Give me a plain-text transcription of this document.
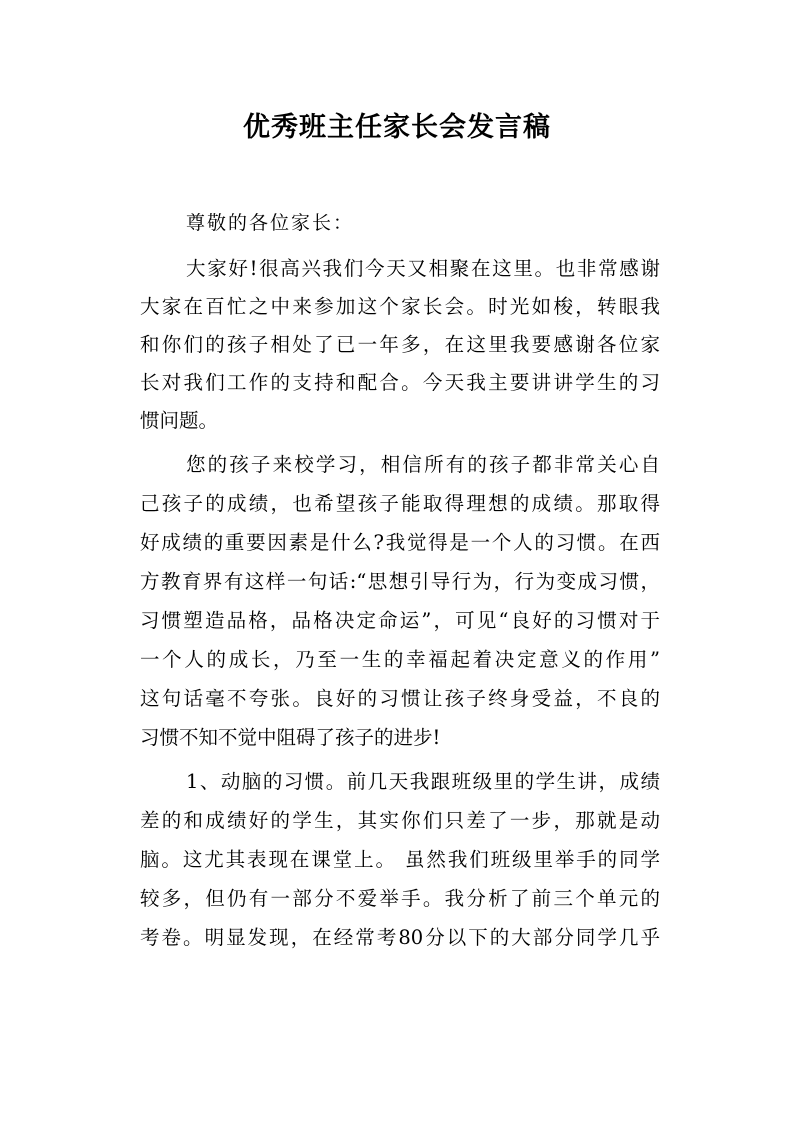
优秀班主任家长会发言稿
尊敬的各位家长：
大家好!很高兴我们今天又相聚在这里。也非常感谢
大家在百忙之中来参加这个家长会。时光如梭，转眼我
和你们的孩子相处了已一年多，在这里我要感谢各位家
长对我们工作的支持和配合。今天我主要讲讲学生的习
惯问题。
您的孩子来校学习，相信所有的孩子都非常关心自
己孩子的成绩，也希望孩子能取得理想的成绩。那取得
好成绩的重要因素是什么?我觉得是一个人的习惯。在西
方教育界有这样一句话:“思想引导行为，行为变成习惯，
习惯塑造品格，品格决定命运”，可见“良好的习惯对于
一个人的成长，乃至一生的幸福起着决定意义的作用”
这句话毫不夸张。良好的习惯让孩子终身受益，不良的
习惯不知不觉中阻碍了孩子的进步!
1、动脑的习惯。前几天我跟班级里的学生讲，成绩
差的和成绩好的学生，其实你们只差了一步，那就是动
脑。这尤其表现在课堂上。 虽然我们班级里举手的同学
较多，但仍有一部分不爱举手。我分析了前三个单元的
考卷。明显发现，在经常考80分以下的大部分同学几乎
